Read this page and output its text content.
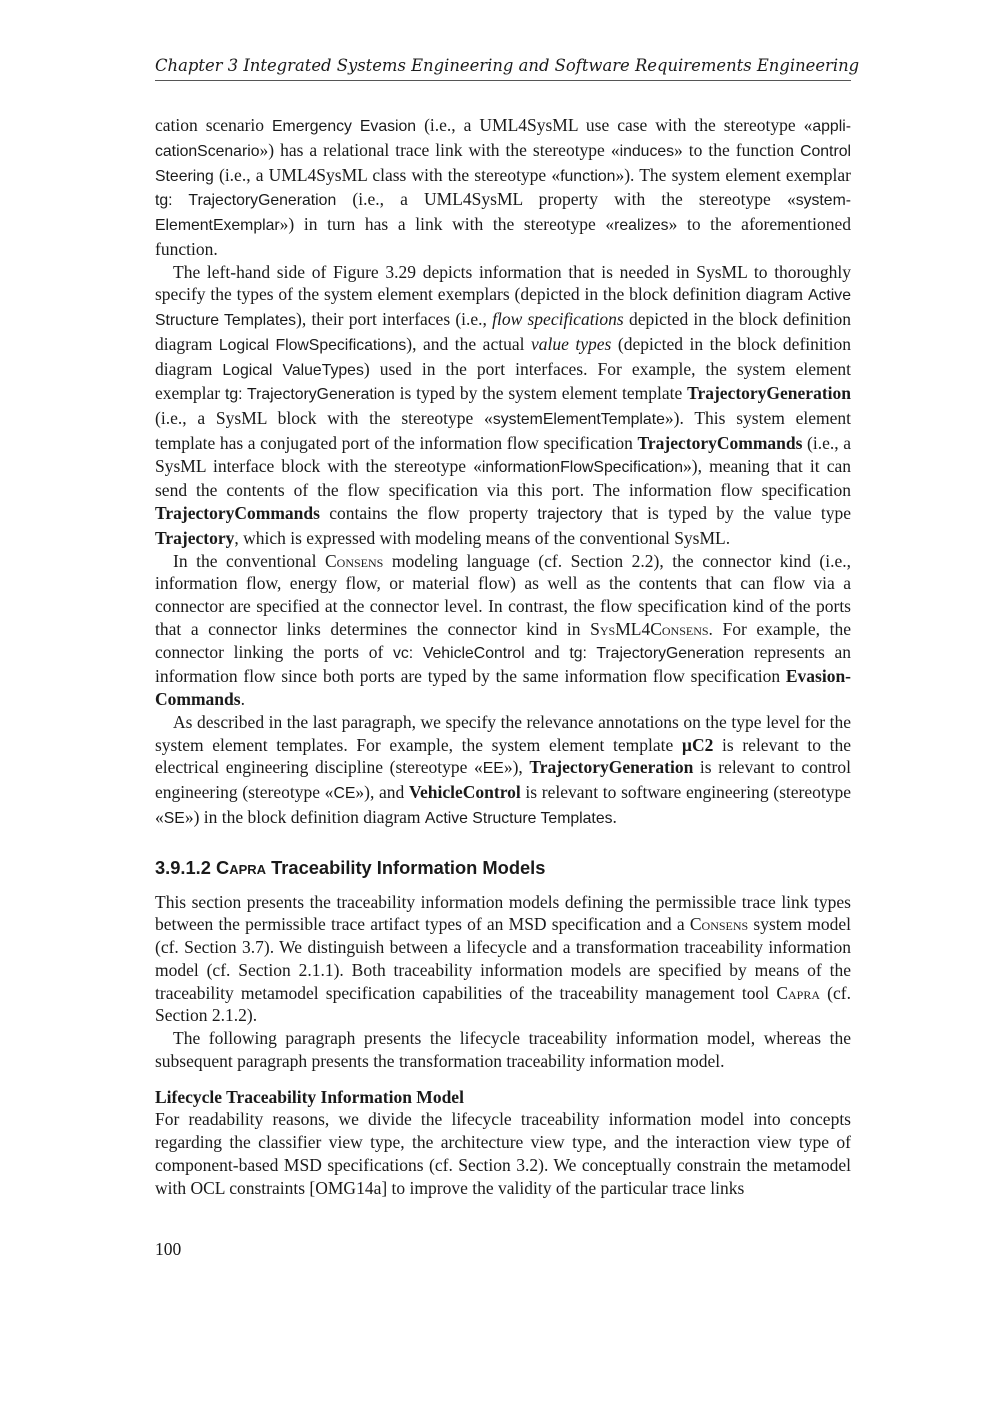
Chapter 3 Integrated Systems Engineering and Software Requirements Engineering

cation scenario Emergency Evasion (i.e., a UML4SysML use case with the stereotype «applicationScenario») has a relational trace link with the stereotype «induces» to the function Control Steering (i.e., a UML4SysML class with the stereotype «function»). The system element exemplar tg: TrajectoryGeneration (i.e., a UML4SysML property with the stereotype «systemElementExemplar») in turn has a link with the stereotype «realizes» to the aforementioned function.

The left-hand side of Figure 3.29 depicts information that is needed in SysML to thoroughly specify the types of the system element exemplars (depicted in the block definition diagram Active Structure Templates), their port interfaces (i.e., flow specifications depicted in the block definition diagram Logical FlowSpecifications), and the actual value types (depicted in the block definition diagram Logical ValueTypes) used in the port interfaces. For example, the system element exemplar tg: TrajectoryGeneration is typed by the system element template TrajectoryGeneration (i.e., a SysML block with the stereotype «systemElementTemplate»). This system element template has a conjugated port of the information flow specification TrajectoryCommands (i.e., a SysML interface block with the stereotype «informationFlowSpecification»), meaning that it can send the contents of the flow specification via this port. The information flow specification TrajectoryCommands contains the flow property trajectory that is typed by the value type Trajectory, which is expressed with modeling means of the conventional SysML.

In the conventional Consens modeling language (cf. Section 2.2), the connector kind (i.e., information flow, energy flow, or material flow) as well as the contents that can flow via a connector are specified at the connector level. In contrast, the flow specification kind of the ports that a connector links determines the connector kind in SysML4Consens. For example, the connector linking the ports of vc: VehicleControl and tg: TrajectoryGeneration represents an information flow since both ports are typed by the same information flow specification EvasionCommands.

As described in the last paragraph, we specify the relevance annotations on the type level for the system element templates. For example, the system element template µC2 is relevant to the electrical engineering discipline (stereotype «EE»), TrajectoryGeneration is relevant to control engineering (stereotype «CE»), and VehicleControl is relevant to software engineering (stereotype «SE») in the block definition diagram Active Structure Templates.

3.9.1.2 Capra Traceability Information Models

This section presents the traceability information models defining the permissible trace link types between the permissible trace artifact types of an MSD specification and a Consens system model (cf. Section 3.7). We distinguish between a lifecycle and a transformation traceability information model (cf. Section 2.1.1). Both traceability information models are specified by means of the traceability metamodel specification capabilities of the traceability management tool Capra (cf. Section 2.1.2).

The following paragraph presents the lifecycle traceability information model, whereas the subsequent paragraph presents the transformation traceability information model.

Lifecycle Traceability Information Model

For readability reasons, we divide the lifecycle traceability information model into concepts regarding the classifier view type, the architecture view type, and the interaction view type of component-based MSD specifications (cf. Section 3.2). We conceptually constrain the metamodel with OCL constraints [OMG14a] to improve the validity of the particular trace links

100
